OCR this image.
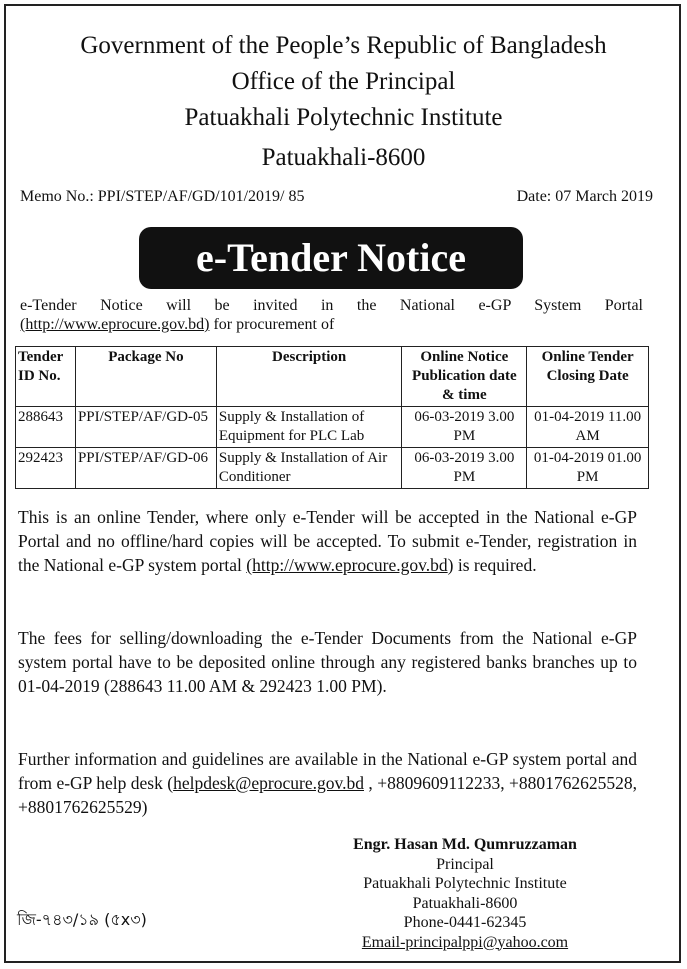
Government of the People’s Republic of Bangladesh
Office of the Principal
Patuakhali Polytechnic Institute
Patuakhali-8600
Memo No.: PPI/STEP/AF/GD/101/2019/ 85	Date: 07 March 2019
e-Tender Notice
e-Tender Notice will be invited in the National e-GP System Portal
(http://www.eprocure.gov.bd) for procurement of
Tender ID No.	Package No	Description	Online Notice Publication date & time	Online Tender Closing Date
288643	PPI/STEP/AF/GD-05	Supply & Installation of Equipment for PLC Lab	06-03-2019 3.00 PM	01-04-2019 11.00 AM
292423	PPI/STEP/AF/GD-06	Supply & Installation of Air Conditioner	06-03-2019 3.00 PM	01-04-2019 01.00 PM
This is an online Tender, where only e-Tender will be accepted in the National e-GP Portal and no offline/hard copies will be accepted. To submit e-Tender, registration in the National e-GP system portal (http://www.eprocure.gov.bd) is required.
The fees for selling/downloading the e-Tender Documents from the National e-GP system portal have to be deposited online through any registered banks branches up to 01-04-2019 (288643 11.00 AM & 292423 1.00 PM).
Further information and guidelines are available in the National e-GP system portal and from e-GP help desk (helpdesk@eprocure.gov.bd , +8809609112233, +8801762625528, +8801762625529)
Engr. Hasan Md. Qumruzzaman
Principal
Patuakhali Polytechnic Institute
Patuakhali-8600
Phone-0441-62345
Email-principalppi@yahoo.com
জি-৭৪৩/১৯ (৫x৩)
